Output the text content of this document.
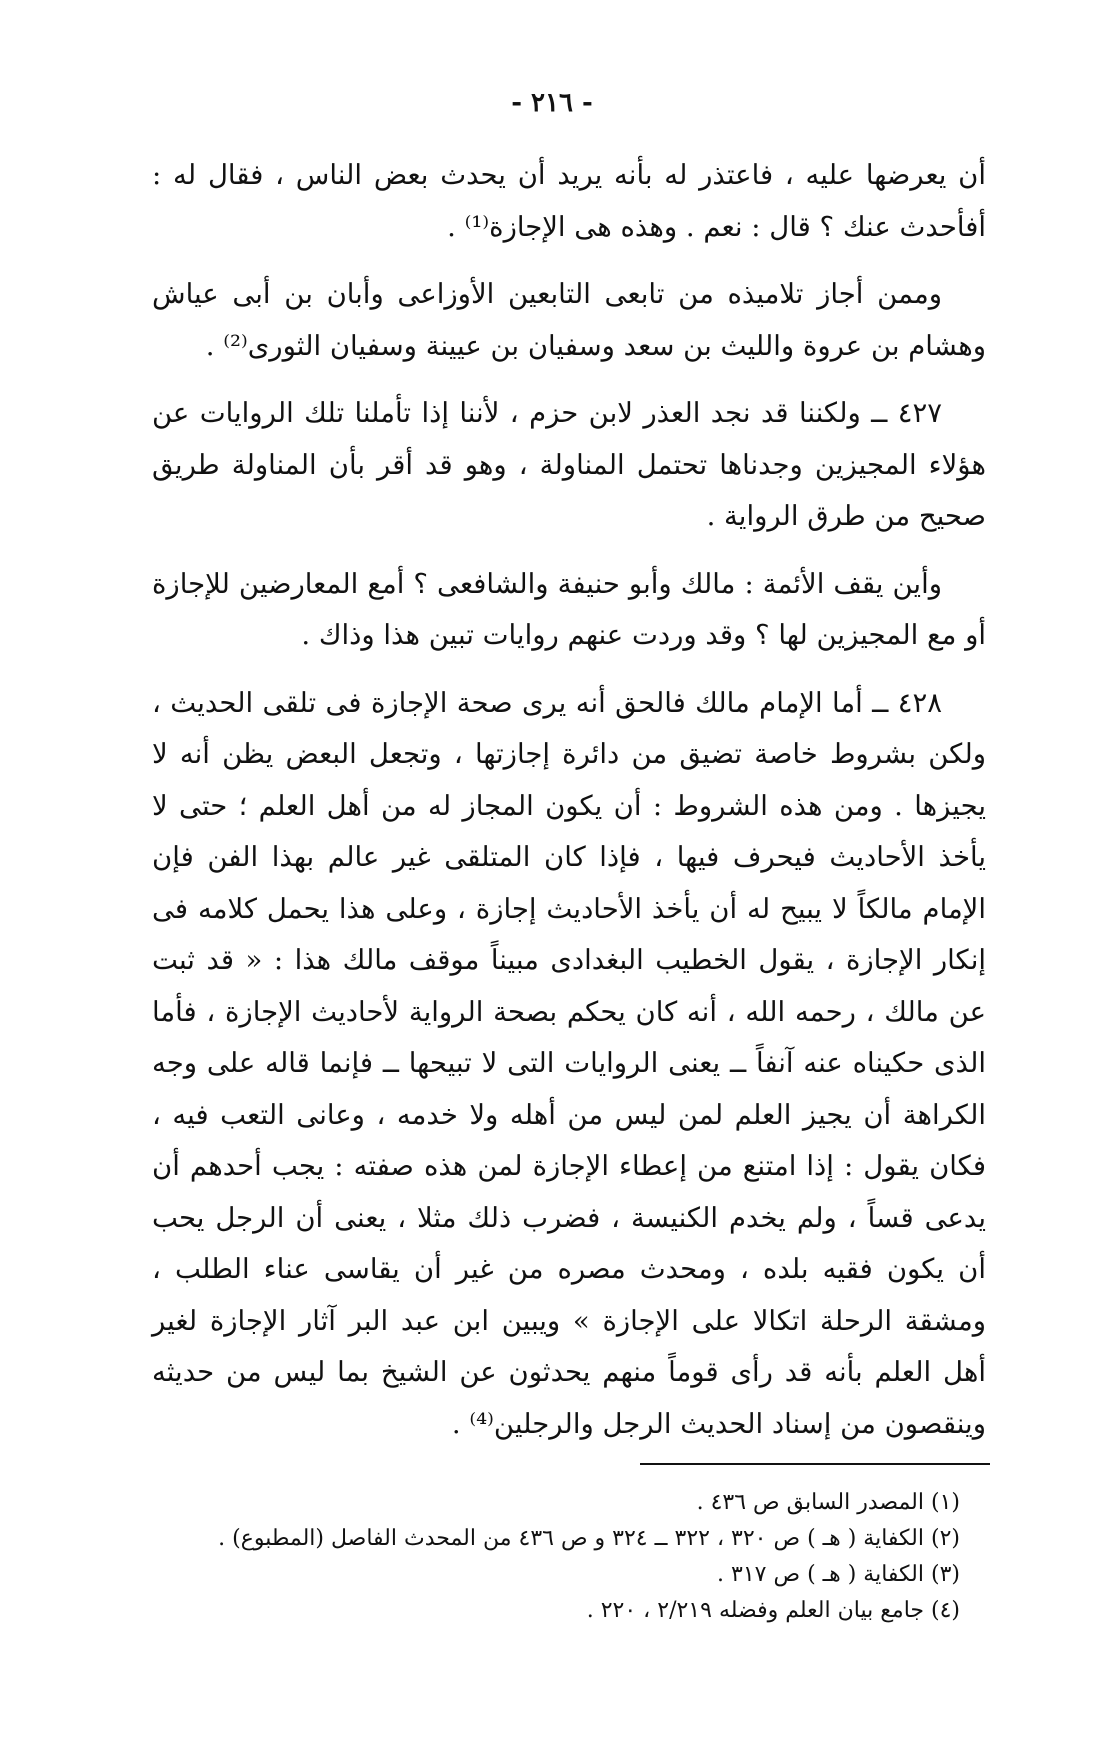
- ٢١٦ -

أن يعرضها عليه ، فاعتذر له بأنه يريد أن يحدث بعض الناس ، فقال له : أفأحدث عنك ؟ قال : نعم . وهذه هى الإجازة⁽¹⁾ .

وممن أجاز تلاميذه من تابعى التابعين الأوزاعى وأبان بن أبى عياش وهشام بن عروة والليث بن سعد وسفيان بن عيينة وسفيان الثورى⁽²⁾ .

٤٢٧ ــ ولكننا قد نجد العذر لابن حزم ، لأننا إذا تأملنا تلك الروايات عن هؤلاء المجيزين وجدناها تحتمل المناولة ، وهو قد أقر بأن المناولة طريق صحيح من طرق الرواية .

وأين يقف الأئمة : مالك وأبو حنيفة والشافعى ؟ أمع المعارضين للإجازة أو مع المجيزين لها ؟ وقد وردت عنهم روايات تبين هذا وذاك .

٤٢٨ ــ أما الإمام مالك فالحق أنه يرى صحة الإجازة فى تلقى الحديث ، ولكن بشروط خاصة تضيق من دائرة إجازتها ، وتجعل البعض يظن أنه لا يجيزها . ومن هذه الشروط : أن يكون المجاز له من أهل العلم ؛ حتى لا يأخذ الأحاديث فيحرف فيها ، فإذا كان المتلقى غير عالم بهذا الفن فإن الإمام مالكاً لا يبيح له أن يأخذ الأحاديث إجازة ، وعلى هذا يحمل كلامه فى إنكار الإجازة ، يقول الخطيب البغدادى مبيناً موقف مالك هذا : « قد ثبت عن مالك ، رحمه الله ، أنه كان يحكم بصحة الرواية لأحاديث الإجازة ، فأما الذى حكيناه عنه آنفاً ــ يعنى الروايات التى لا تبيحها ــ فإنما قاله على وجه الكراهة أن يجيز العلم لمن ليس من أهله ولا خدمه ، وعانى التعب فيه ، فكان يقول : إذا امتنع من إعطاء الإجازة لمن هذه صفته : يجب أحدهم أن يدعى قساً ، ولم يخدم الكنيسة ، فضرب ذلك مثلا ، يعنى أن الرجل يحب أن يكون فقيه بلده ، ومحدث مصره من غير أن يقاسى عناء الطلب ، ومشقة الرحلة اتكالا على الإجازة » ويبين ابن عبد البر آثار الإجازة لغير أهل العلم بأنه قد رأى قوماً منهم يحدثون عن الشيخ بما ليس من حديثه وينقصون من إسناد الحديث الرجل والرجلين⁽⁴⁾ .

(١) المصدر السابق ص ٤٣٦ .

(٢) الكفاية ( هـ ) ص ٣٢٠ ، ٣٢٢ ــ ٣٢٤ و ص ٤٣٦ من المحدث الفاصل (المطبوع) .

(٣) الكفاية ( هـ ) ص ٣١٧ .

(٤) جامع بيان العلم وفضله ٢/٢١٩ ، ٢٢٠ .
